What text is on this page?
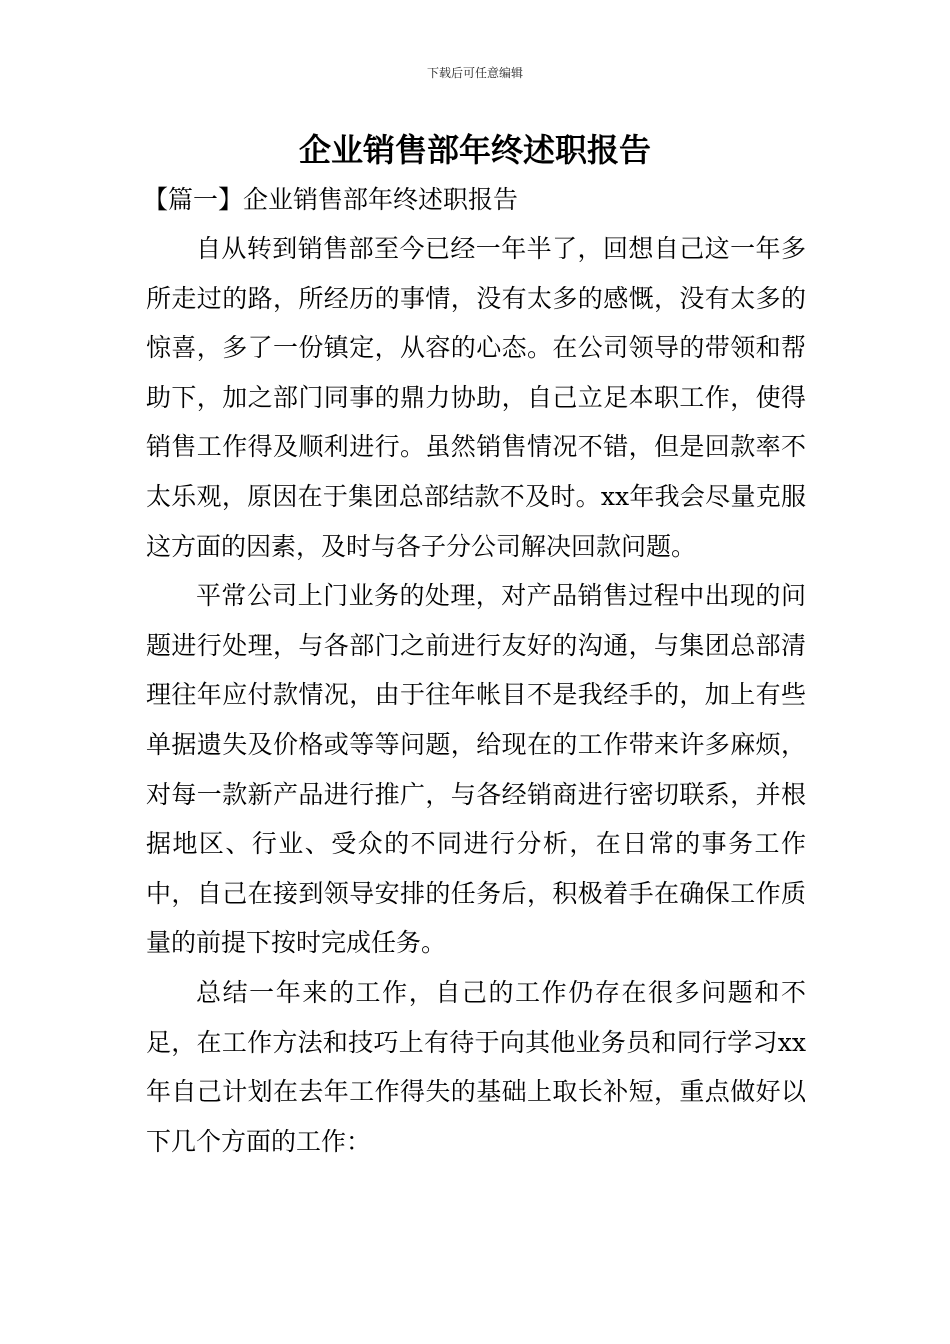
下载后可任意编辑
企业销售部年终述职报告
【篇一】企业销售部年终述职报告

自从转到销售部至今已经一年半了，回想自己这一年多所走过的路，所经历的事情，没有太多的感慨，没有太多的惊喜，多了一份镇定，从容的心态。在公司领导的带领和帮助下，加之部门同事的鼎力协助，自己立足本职工作，使得销售工作得及顺利进行。虽然销售情况不错，但是回款率不太乐观，原因在于集团总部结款不及时。xx年我会尽量克服这方面的因素，及时与各子分公司解决回款问题。

平常公司上门业务的处理，对产品销售过程中出现的问题进行处理，与各部门之前进行友好的沟通，与集团总部清理往年应付款情况，由于往年帐目不是我经手的，加上有些单据遗失及价格或等等问题，给现在的工作带来许多麻烦，对每一款新产品进行推广，与各经销商进行密切联系，并根据地区、行业、受众的不同进行分析，在日常的事务工作中，自己在接到领导安排的任务后，积极着手在确保工作质量的前提下按时完成任务。

总结一年来的工作，自己的工作仍存在很多问题和不足，在工作方法和技巧上有待于向其他业务员和同行学习xx年自己计划在去年工作得失的基础上取长补短，重点做好以下几个方面的工作：
